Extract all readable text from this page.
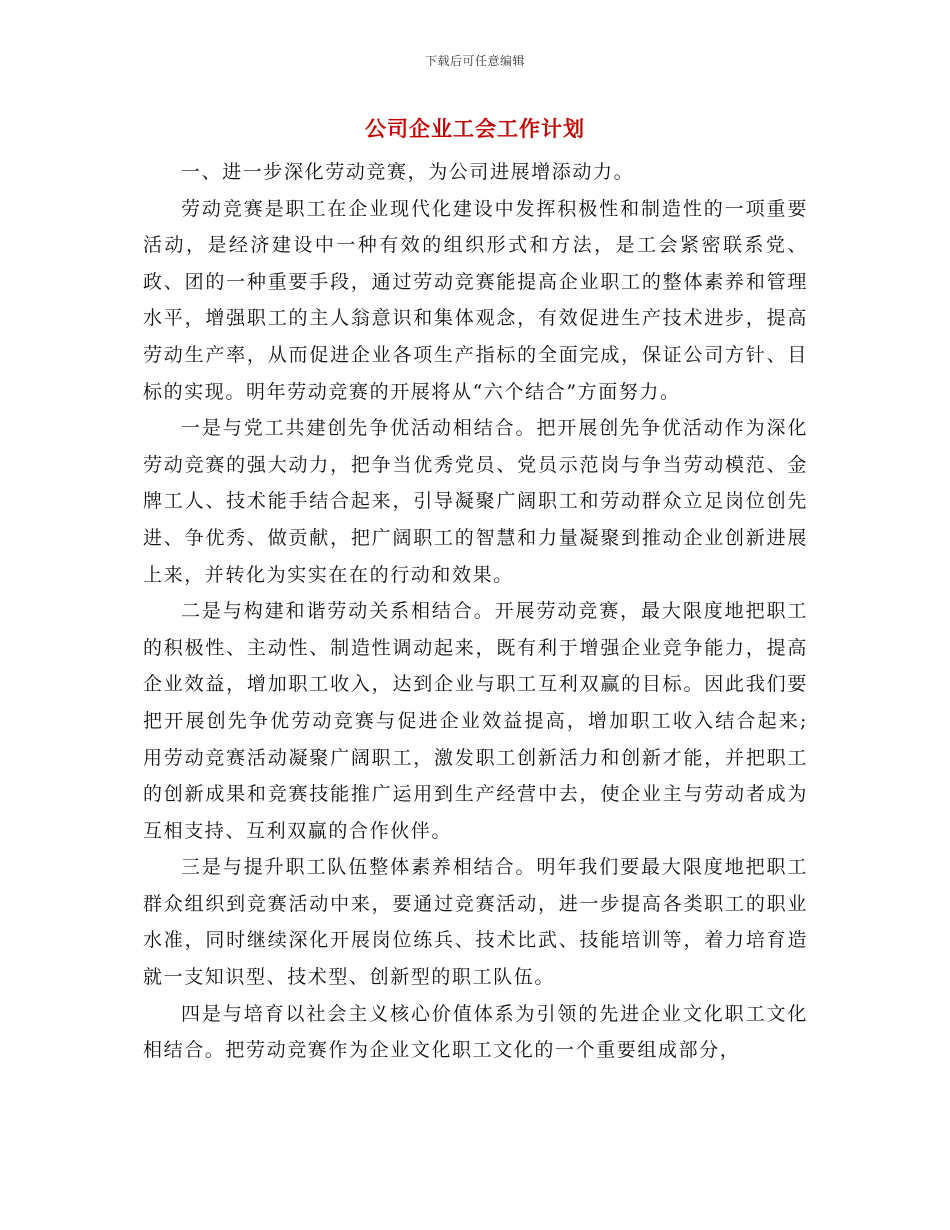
下载后可任意编辑
公司企业工会工作计划

一、进一步深化劳动竞赛，为公司进展增添动力。

劳动竞赛是职工在企业现代化建设中发挥积极性和制造性的一项重要活动，是经济建设中一种有效的组织形式和方法，是工会紧密联系党、政、团的一种重要手段，通过劳动竞赛能提高企业职工的整体素养和管理水平，增强职工的主人翁意识和集体观念，有效促进生产技术进步，提高劳动生产率，从而促进企业各项生产指标的全面完成，保证公司方针、目标的实现。明年劳动竞赛的开展将从“六个结合”方面努力。

一是与党工共建创先争优活动相结合。把开展创先争优活动作为深化劳动竞赛的强大动力，把争当优秀党员、党员示范岗与争当劳动模范、金牌工人、技术能手结合起来，引导凝聚广阔职工和劳动群众立足岗位创先进、争优秀、做贡献，把广阔职工的智慧和力量凝聚到推动企业创新进展上来，并转化为实实在在的行动和效果。

二是与构建和谐劳动关系相结合。开展劳动竞赛，最大限度地把职工的积极性、主动性、制造性调动起来，既有利于增强企业竞争能力，提高企业效益，增加职工收入，达到企业与职工互利双赢的目标。因此我们要把开展创先争优劳动竞赛与促进企业效益提高，增加职工收入结合起来;用劳动竞赛活动凝聚广阔职工，激发职工创新活力和创新才能，并把职工的创新成果和竞赛技能推广运用到生产经营中去，使企业主与劳动者成为互相支持、互利双赢的合作伙伴。

三是与提升职工队伍整体素养相结合。明年我们要最大限度地把职工群众组织到竞赛活动中来，要通过竞赛活动，进一步提高各类职工的职业水准，同时继续深化开展岗位练兵、技术比武、技能培训等，着力培育造就一支知识型、技术型、创新型的职工队伍。

四是与培育以社会主义核心价值体系为引领的先进企业文化职工文化相结合。把劳动竞赛作为企业文化职工文化的一个重要组成部分，
